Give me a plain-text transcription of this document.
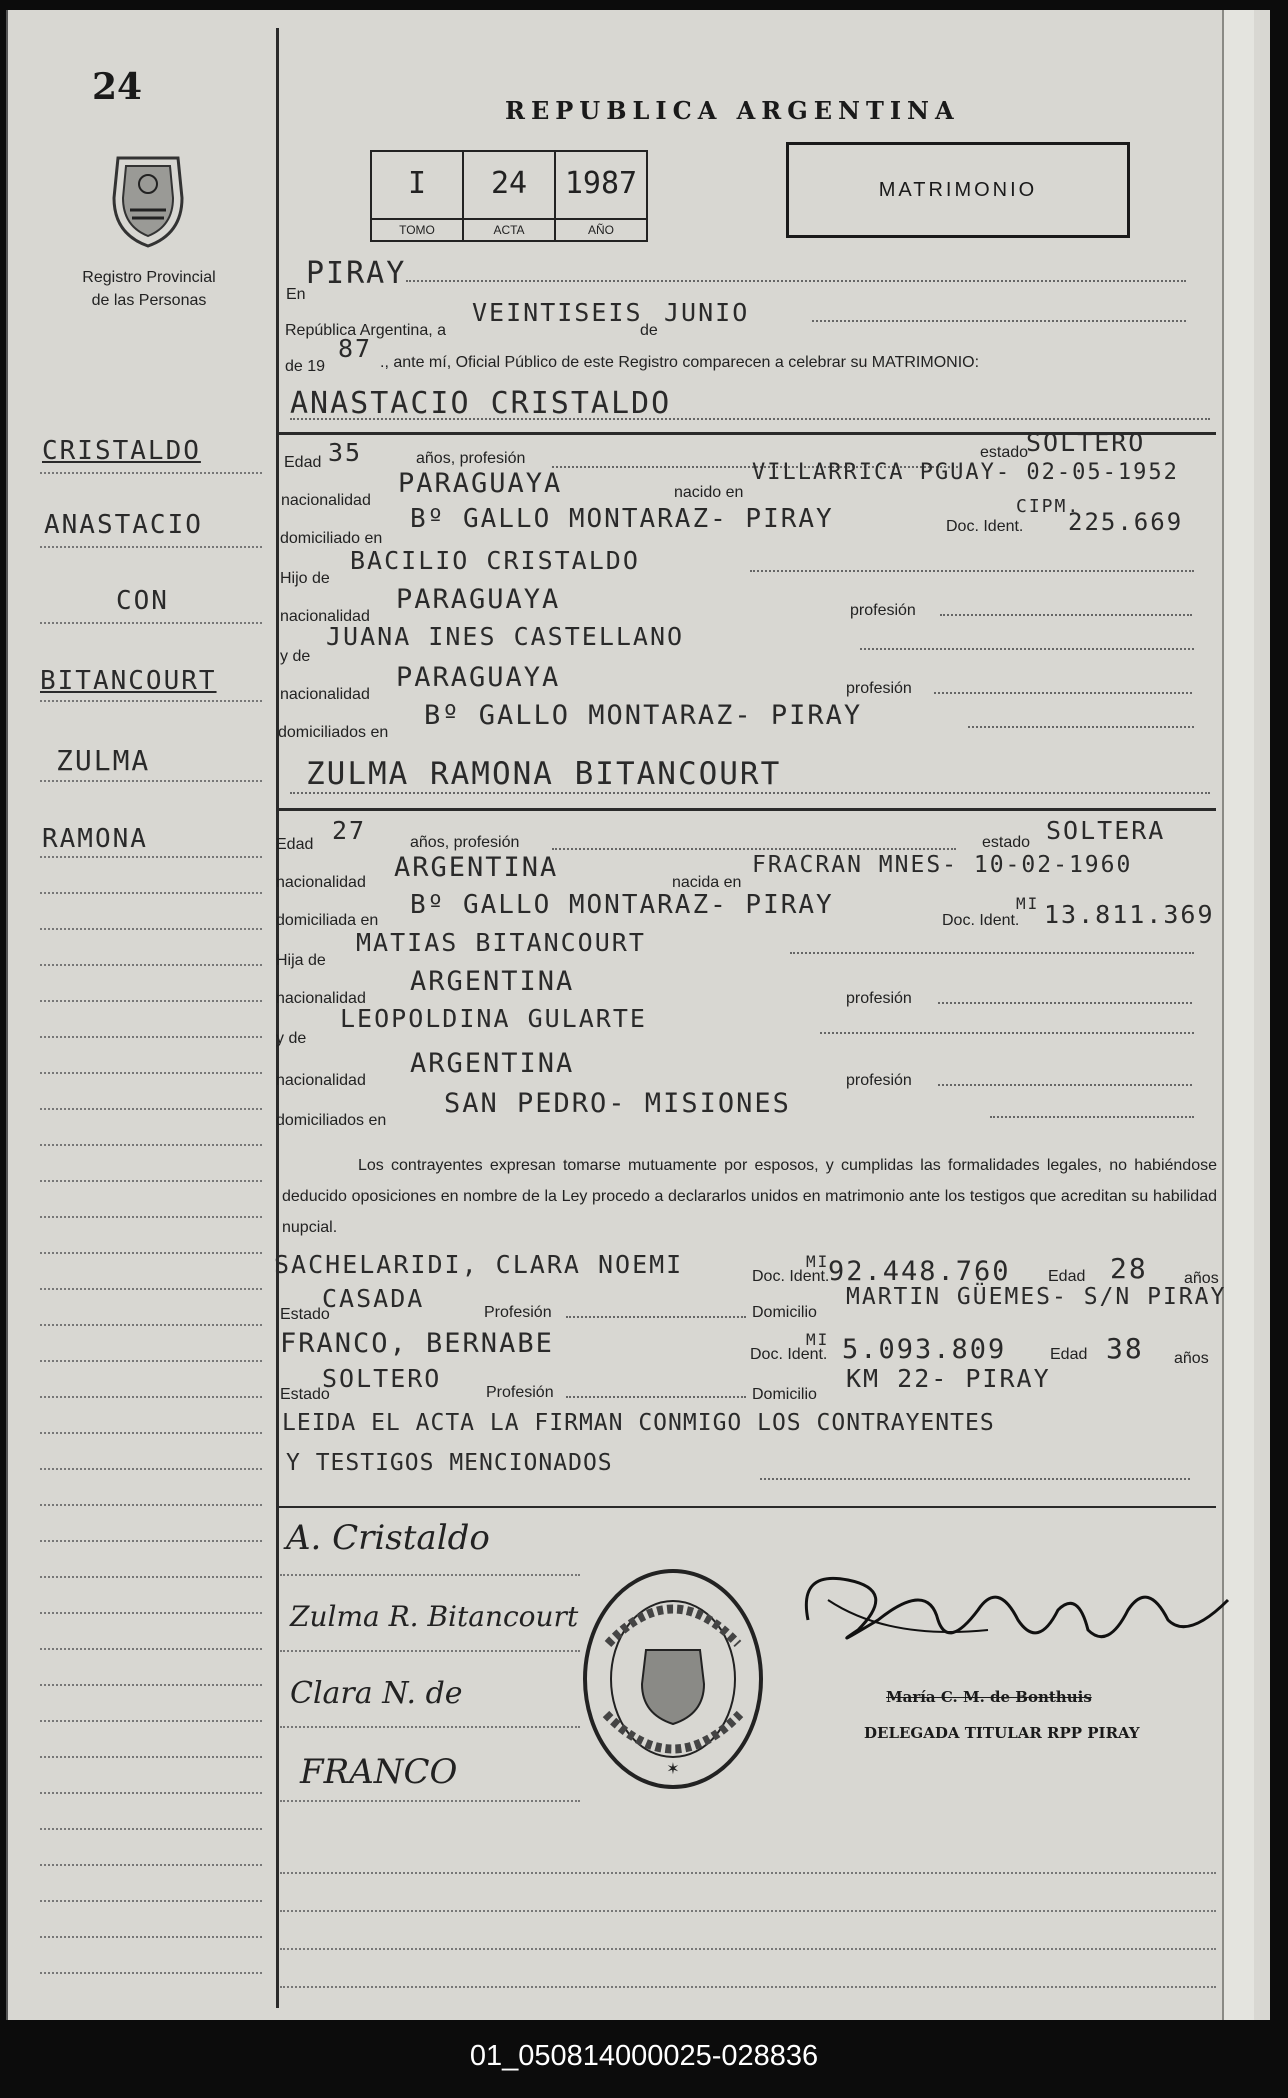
24
Registro Provincial
de las Personas
REPUBLICA ARGENTINA
I
TOMO
24
ACTA
1987
AÑO
MATRIMONIO
CRISTALDO
ANASTACIO
CON
BITANCOURT
ZULMA
RAMONA
En
PIRAY
República Argentina, a
VEINTISEIS
de
JUNIO
de 19
87 ., ante mí, Oficial Público de este Registro comparecen a celebrar su MATRIMONIO:
ANASTACIO CRISTALDO
Edad 35	años, profesión	estado
SOLTERO
nacionalidad
PARAGUAYA	nacido en
VILLARRICA PGUAY- 02-05-1952
domiciliado en
Bº GALLO MONTARAZ- PIRAY	Doc. Ident.
CIPM.
225.669
Hijo de
BACILIO CRISTALDO
nacionalidad
PARAGUAYA	profesión
y de
JUANA INES CASTELLANO
nacionalidad
PARAGUAYA	profesión
domiciliados en
Bº GALLO MONTARAZ- PIRAY
ZULMA RAMONA BITANCOURT
Edad 27	años, profesión	estado SOLTERA
nacionalidad ARGENTINA	nacida en
FRACRAN MNES- 10-02-1960
domiciliada en
Bº GALLO MONTARAZ- PIRAY
Doc. Ident.
MI 13.811.369
Hija de
MATIAS BITANCOURT
nacionalidad
ARGENTINA
profesión
y de
LEOPOLDINA GULARTE
nacionalidad
ARGENTINA
profesión
domiciliados en
SAN PEDRO- MISIONES
Los contrayentes expresan tomarse mutuamente por esposos, y cumplidas las formalidades legales, no habiéndose deducido oposiciones en nombre de la Ley procedo a declararlos unidos en matrimonio ante los testigos que acreditan su habilidad nupcial.
SACHELARIDI, CLARA NOEMI	Doc. Ident.
MI
92.448.760 Edad 28 años
Estado
CASADA	Profesión	Domicilio
MARTIN GÜEMES- S/N PIRAY
FRANCO, BERNABE	Doc. Ident.
MI 5.093.809	Edad 38 años
Estado
SOLTERO	Profesión	Domicilio
KM 22- PIRAY
LEIDA EL ACTA LA FIRMAN CONMIGO LOS CONTRAYENTES
Y TESTIGOS MENCIONADOS
A. Cristaldo
Zulma R. Bitancourt
Clara N. de
FRANCO	✶
María C. M. de Bonthuis
DELEGADA TITULAR RPP PIRAY
01_050814000025-028836
